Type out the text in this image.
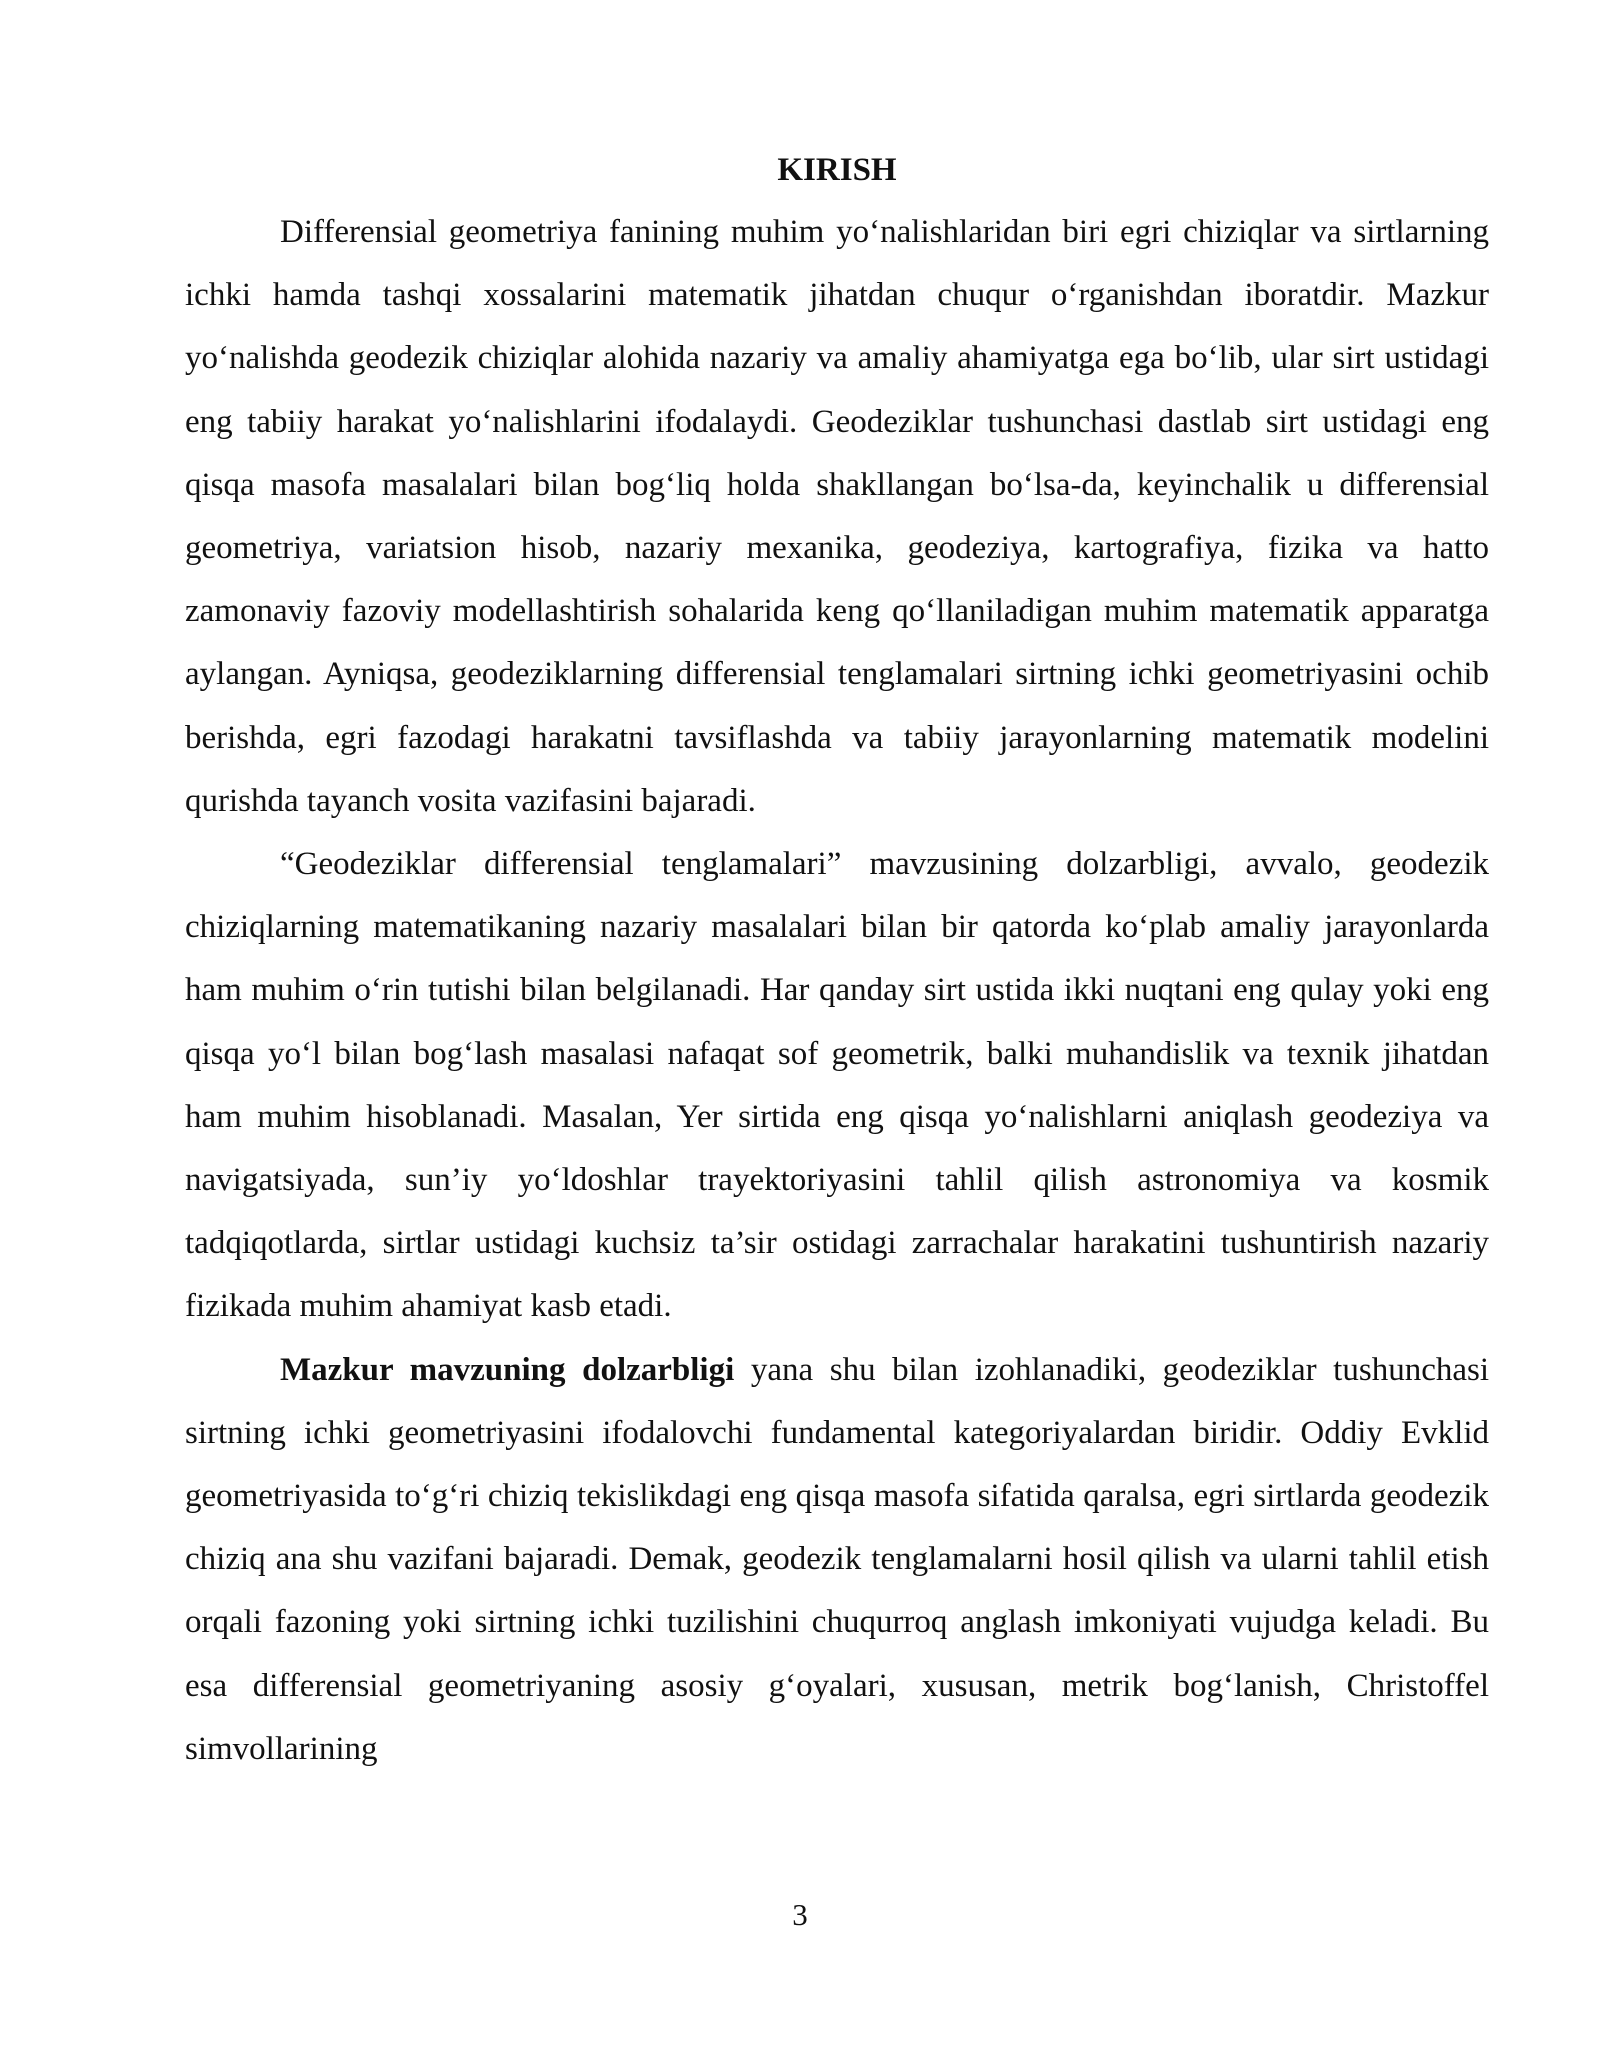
KIRISH

Differensial geometriya fanining muhim yo‘nalishlaridan biri egri chiziqlar va sirtlarning ichki hamda tashqi xossalarini matematik jihatdan chuqur o‘rganishdan iboratdir. Mazkur yo‘nalishda geodezik chiziqlar alohida nazariy va amaliy ahamiyatga ega bo‘lib, ular sirt ustidagi eng tabiiy harakat yo‘nalishlarini ifodalaydi. Geodeziklar tushunchasi dastlab sirt ustidagi eng qisqa masofa masalalari bilan bog‘liq holda shakllangan bo‘lsa-da, keyinchalik u differensial geometriya, variatsion hisob, nazariy mexanika, geodeziya, kartografiya, fizika va hatto zamonaviy fazoviy modellashtirish sohalarida keng qo‘llaniladigan muhim matematik apparatga aylangan. Ayniqsa, geodeziklarning differensial tenglamalari sirtning ichki geometriyasini ochib berishda, egri fazodagi harakatni tavsiflashda va tabiiy jarayonlarning matematik modelini qurishda tayanch vosita vazifasini bajaradi.

“Geodeziklar differensial tenglamalari” mavzusining dolzarbligi, avvalo, geodezik chiziqlarning matematikaning nazariy masalalari bilan bir qatorda ko‘plab amaliy jarayonlarda ham muhim o‘rin tutishi bilan belgilanadi. Har qanday sirt ustida ikki nuqtani eng qulay yoki eng qisqa yo‘l bilan bog‘lash masalasi nafaqat sof geometrik, balki muhandislik va texnik jihatdan ham muhim hisoblanadi. Masalan, Yer sirtida eng qisqa yo‘nalishlarni aniqlash geodeziya va navigatsiyada, sun’iy yo‘ldoshlar trayektoriyasini tahlil qilish astronomiya va kosmik tadqiqotlarda, sirtlar ustidagi kuchsiz ta’sir ostidagi zarrachalar harakatini tushuntirish nazariy fizikada muhim ahamiyat kasb etadi.

Mazkur mavzuning dolzarbligi yana shu bilan izohlanadiki, geodeziklar tushunchasi sirtning ichki geometriyasini ifodalovchi fundamental kategoriyalardan biridir. Oddiy Evklid geometriyasida to‘g‘ri chiziq tekislikdagi eng qisqa masofa sifatida qaralsa, egri sirtlarda geodezik chiziq ana shu vazifani bajaradi. Demak, geodezik tenglamalarni hosil qilish va ularni tahlil etish orqali fazoning yoki sirtning ichki tuzilishini chuqurroq anglash imkoniyati vujudga keladi. Bu esa differensial geometriyaning asosiy g‘oyalari, xususan, metrik bog‘lanish, Christoffel simvollarining

3
